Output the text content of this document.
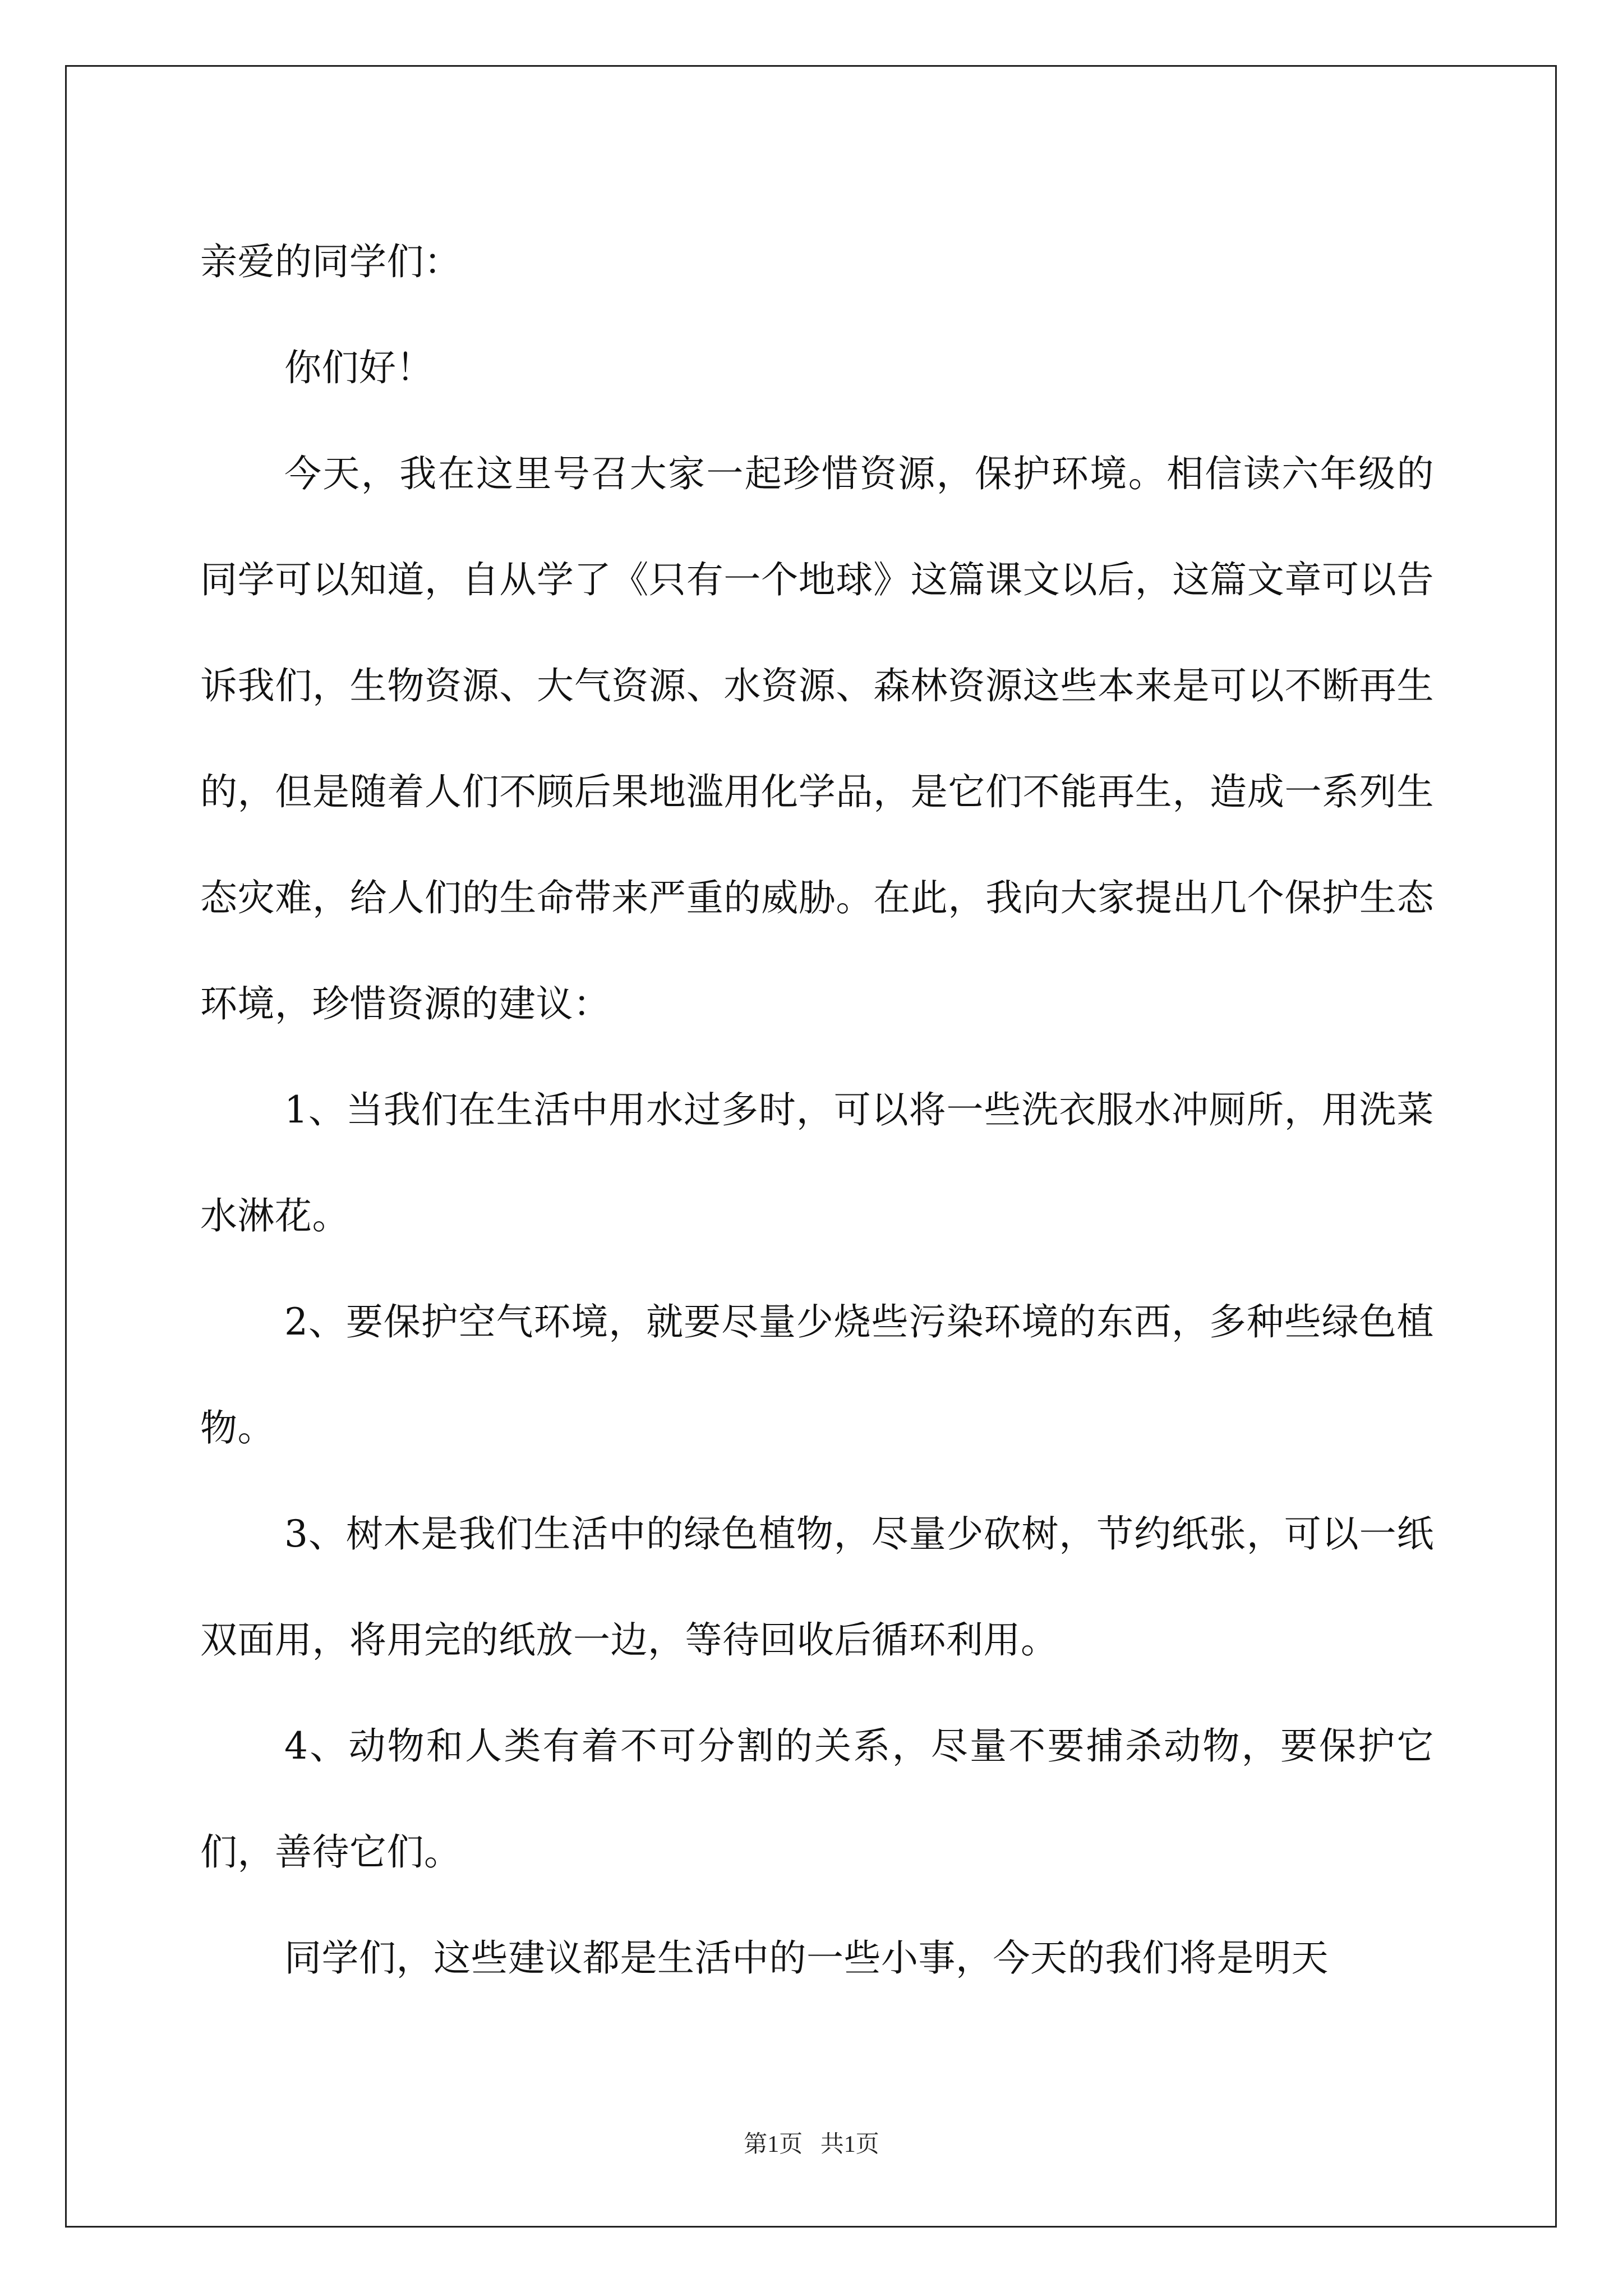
亲爱的同学们：

你们好！

今天，我在这里号召大家一起珍惜资源，保护环境。相信读六年级的同学可以知道，自从学了《只有一个地球》这篇课文以后，这篇文章可以告诉我们，生物资源、大气资源、水资源、森林资源这些本来是可以不断再生的，但是随着人们不顾后果地滥用化学品，是它们不能再生，造成一系列生态灾难，给人们的生命带来严重的威胁。在此，我向大家提出几个保护生态环境，珍惜资源的建议：

1、当我们在生活中用水过多时，可以将一些洗衣服水冲厕所，用洗菜水淋花。

2、要保护空气环境，就要尽量少烧些污染环境的东西，多种些绿色植物。

3、树木是我们生活中的绿色植物，尽量少砍树，节约纸张，可以一纸双面用，将用完的纸放一边，等待回收后循环利用。

4、动物和人类有着不可分割的关系，尽量不要捕杀动物，要保护它们，善待它们。

同学们，这些建议都是生活中的一些小事，今天的我们将是明天

第1页   共1页
